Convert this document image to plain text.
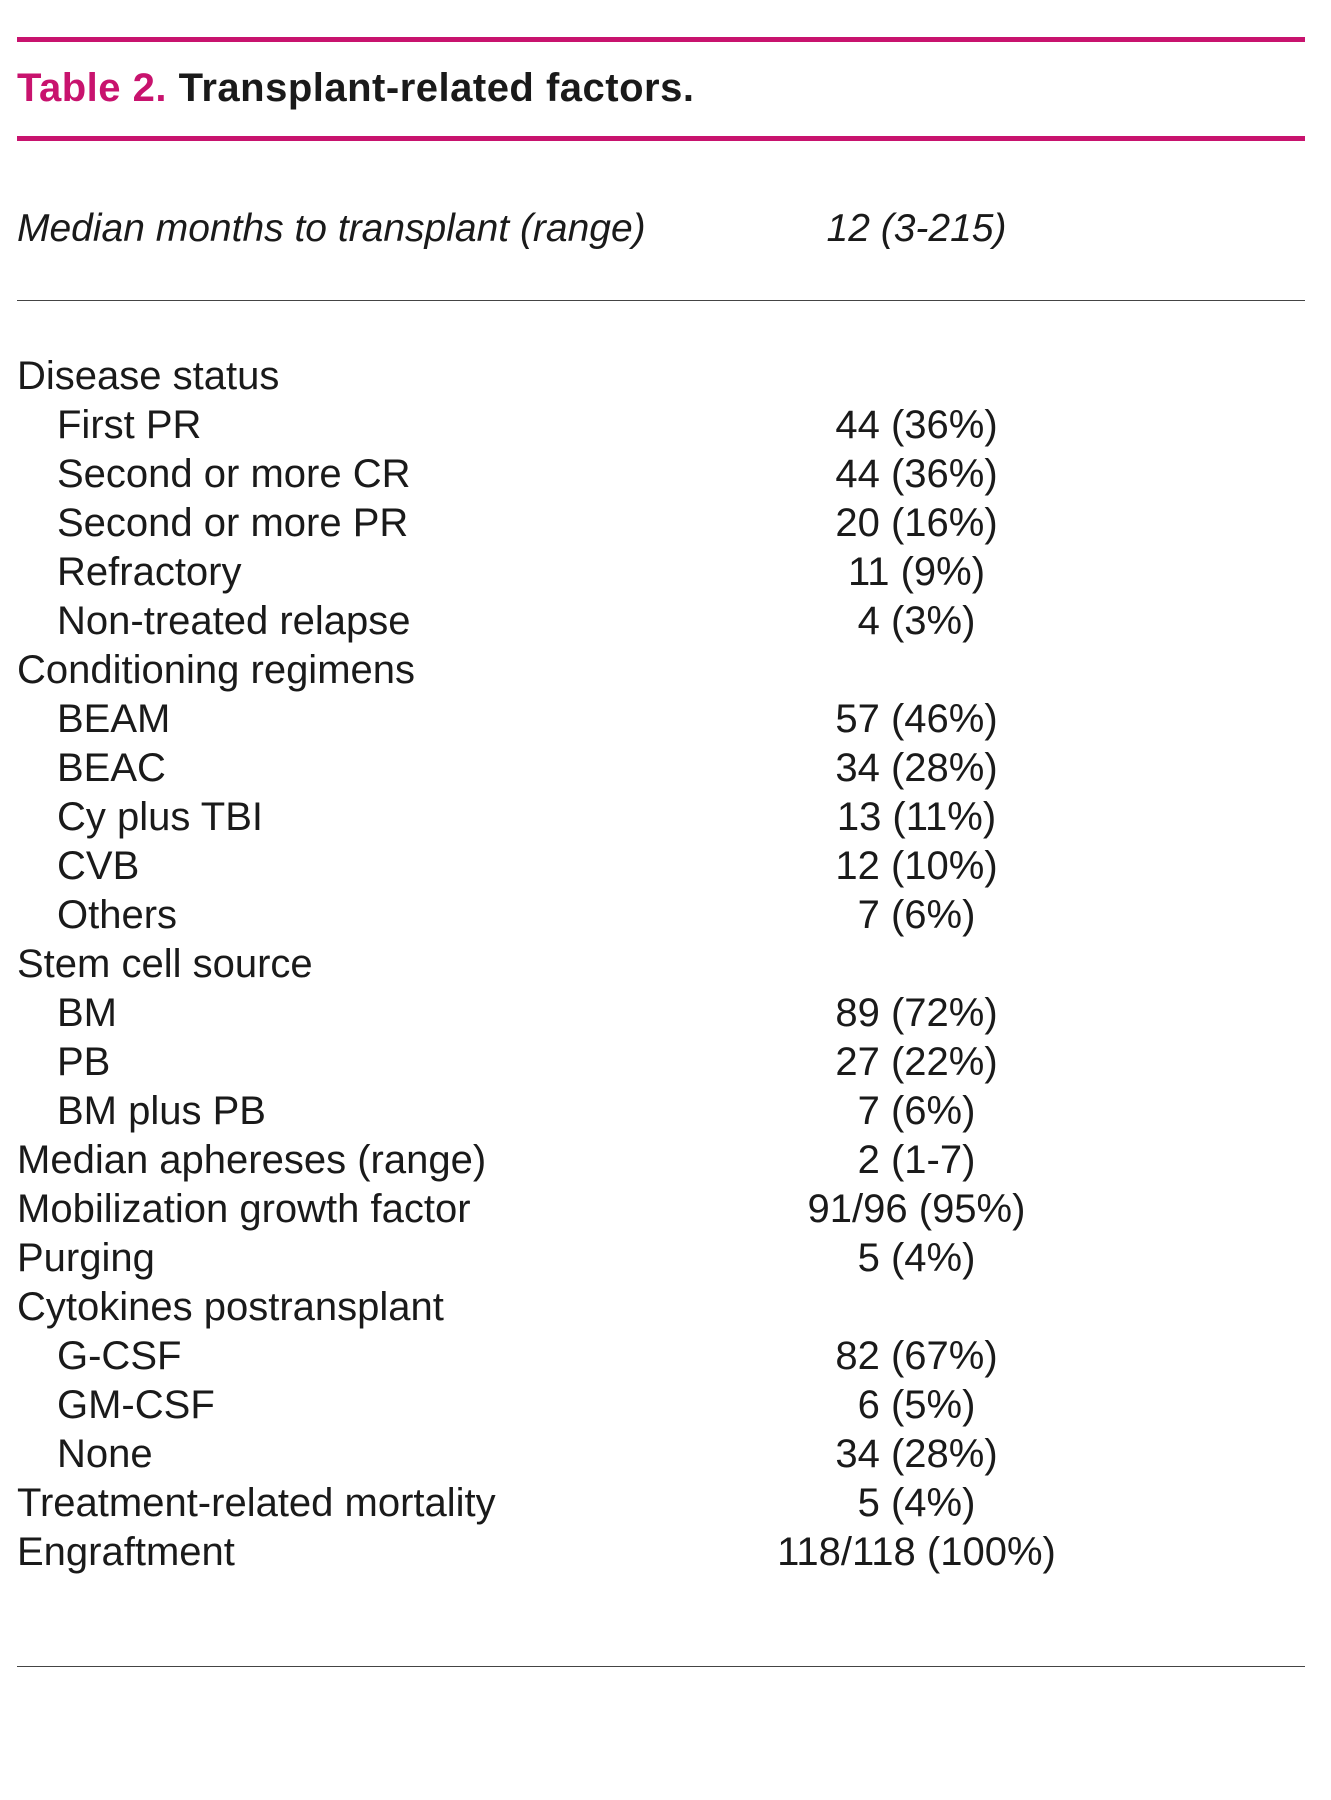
Table 2. Transplant-related factors.
Median months to transplant (range)	12 (3-215)
Disease status
First PR	44 (36%)
Second or more CR	44 (36%)
Second or more PR	20 (16%)
Refractory	11 (9%)
Non-treated relapse	4 (3%)
Conditioning regimens
BEAM	57 (46%)
BEAC	34 (28%)
Cy plus TBI	13 (11%)
CVB	12 (10%)
Others	7 (6%)
Stem cell source
BM	89 (72%)
PB	27 (22%)
BM plus PB	7 (6%)
Median aphereses (range)	2 (1-7)
Mobilization growth factor	91/96 (95%)
Purging	5 (4%)
Cytokines postransplant
G-CSF	82 (67%)
GM-CSF	6 (5%)
None	34 (28%)
Treatment-related mortality	5 (4%)
Engraftment	118/118 (100%)
